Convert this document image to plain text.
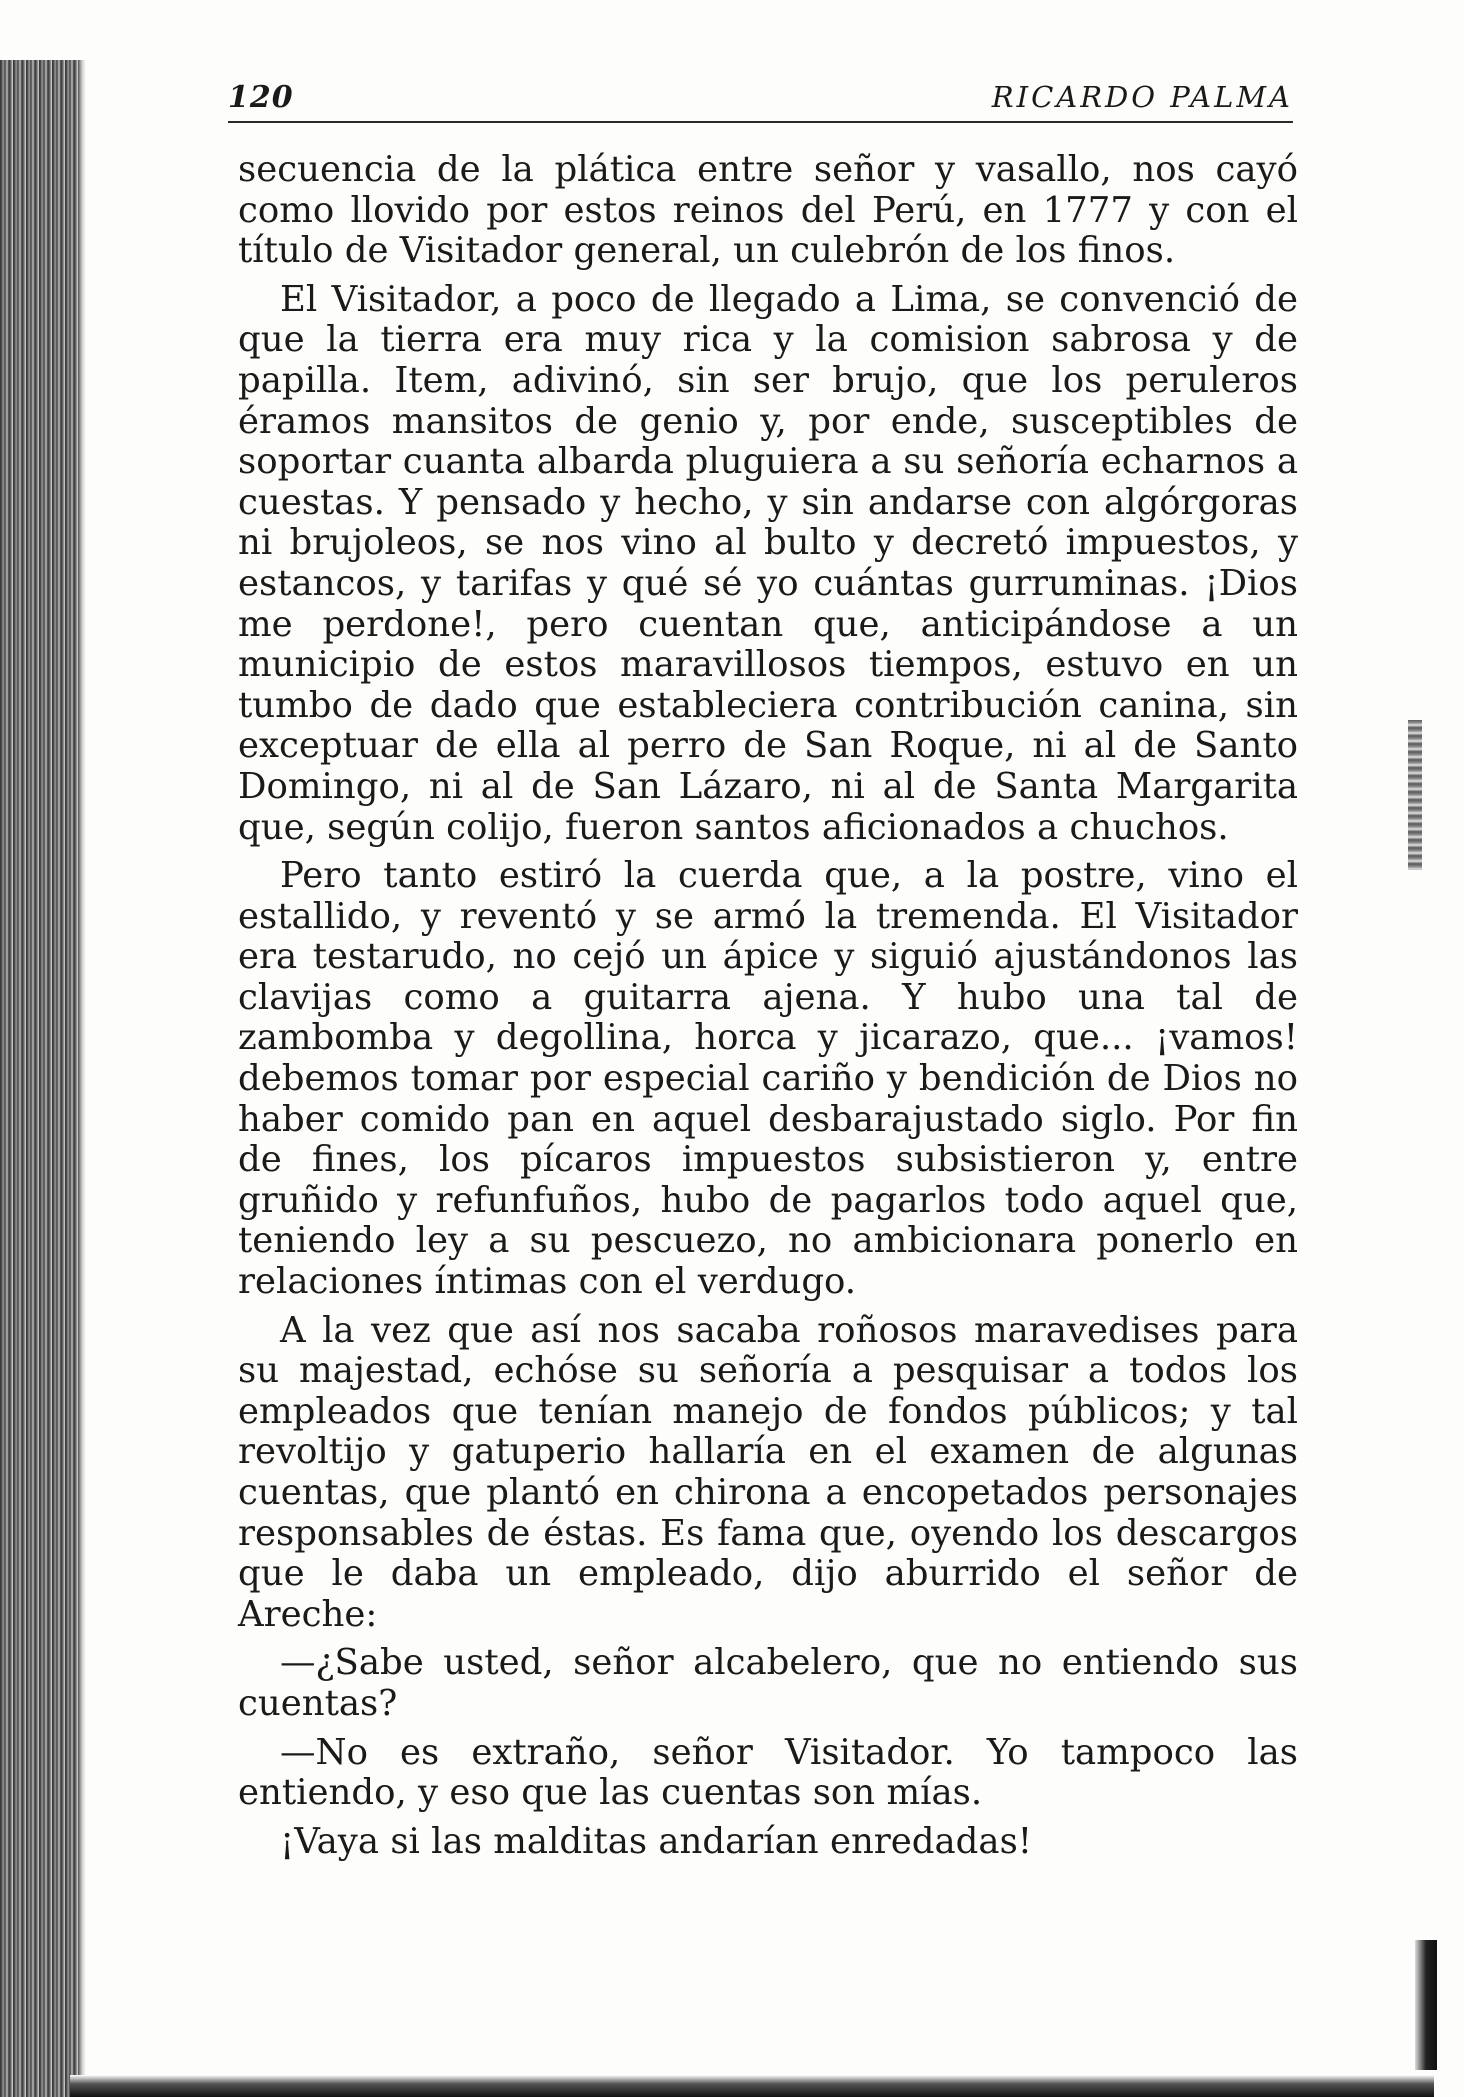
120	RICARDO PALMA

secuencia de la plática entre señor y vasallo, nos cayó como llovido por estos reinos del Perú, en 1777 y con el título de Visitador general, un culebrón de los finos.

El Visitador, a poco de llegado a Lima, se convenció de que la tierra era muy rica y la comision sabrosa y de papilla. Item, adivinó, sin ser brujo, que los peruleros éramos mansitos de genio y, por ende, susceptibles de soportar cuanta albarda pluguiera a su señoría echarnos a cuestas. Y pensado y hecho, y sin andarse con algórgoras ni brujoleos, se nos vino al bulto y decretó impuestos, y estancos, y tarifas y qué sé yo cuántas gurruminas. ¡Dios me perdone!, pero cuentan que, anticipándose a un municipio de estos maravillosos tiempos, estuvo en un tumbo de dado que estableciera contribución canina, sin exceptuar de ella al perro de San Roque, ni al de Santo Domingo, ni al de San Lázaro, ni al de Santa Margarita que, según colijo, fueron santos aficionados a chuchos.

Pero tanto estiró la cuerda que, a la postre, vino el estallido, y reventó y se armó la tremenda. El Visitador era testarudo, no cejó un ápice y siguió ajustándonos las clavijas como a guitarra ajena. Y hubo una tal de zambomba y degollina, horca y jicarazo, que... ¡vamos! debemos tomar por especial cariño y bendición de Dios no haber comido pan en aquel desbarajustado siglo. Por fin de fines, los pícaros impuestos subsistieron y, entre gruñido y refunfuños, hubo de pagarlos todo aquel que, teniendo ley a su pescuezo, no ambicionara ponerlo en relaciones íntimas con el verdugo.

A la vez que así nos sacaba roñosos maravedises para su majestad, echóse su señoría a pesquisar a todos los empleados que tenían manejo de fondos públicos; y tal revoltijo y gatuperio hallaría en el examen de algunas cuentas, que plantó en chirona a encopetados personajes responsables de éstas. Es fama que, oyendo los descargos que le daba un empleado, dijo aburrido el señor de Areche:

—¿Sabe usted, señor alcabelero, que no entiendo sus cuentas?

—No es extraño, señor Visitador. Yo tampoco las entiendo, y eso que las cuentas son mías.

¡Vaya si las malditas andarían enredadas!
